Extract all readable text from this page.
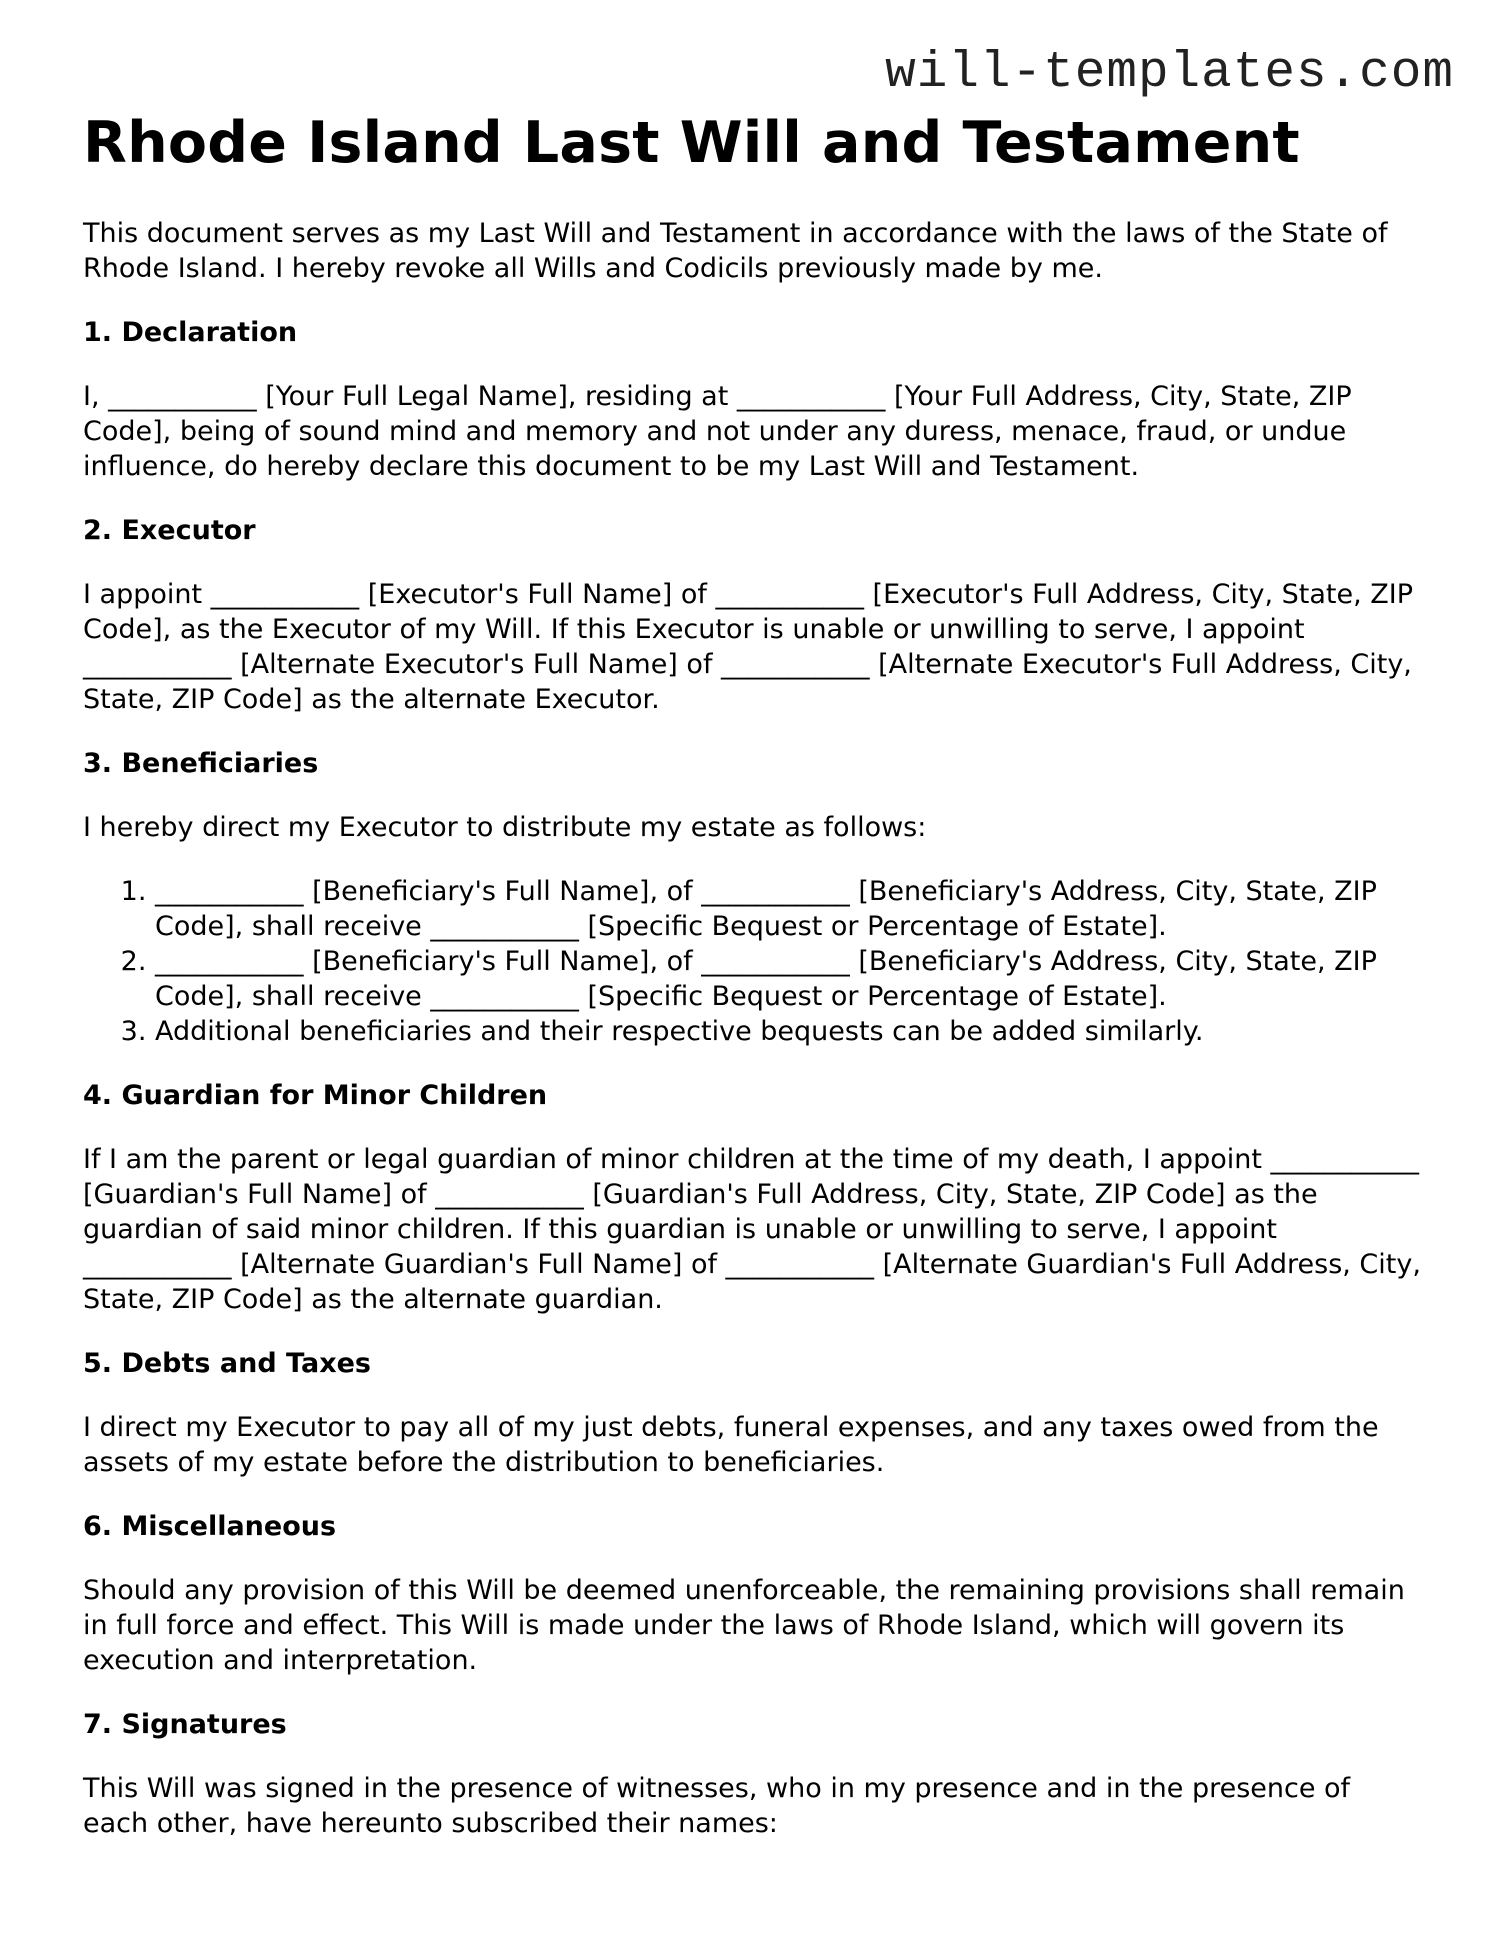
will-templates.com
Rhode Island Last Will and Testament

This document serves as my Last Will and Testament in accordance with the laws of the State of Rhode Island. I hereby revoke all Wills and Codicils previously made by me.

1. Declaration

I, ___________ [Your Full Legal Name], residing at ___________ [Your Full Address, City, State, ZIP Code], being of sound mind and memory and not under any duress, menace, fraud, or undue influence, do hereby declare this document to be my Last Will and Testament.

2. Executor

I appoint ___________ [Executor's Full Name] of ___________ [Executor's Full Address, City, State, ZIP Code], as the Executor of my Will. If this Executor is unable or unwilling to serve, I appoint ___________ [Alternate Executor's Full Name] of ___________ [Alternate Executor's Full Address, City, State, ZIP Code] as the alternate Executor.

3. Beneficiaries

I hereby direct my Executor to distribute my estate as follows:

1. ___________ [Beneficiary's Full Name], of ___________ [Beneficiary's Address, City, State, ZIP Code], shall receive ___________ [Specific Bequest or Percentage of Estate].
2. ___________ [Beneficiary's Full Name], of ___________ [Beneficiary's Address, City, State, ZIP Code], shall receive ___________ [Specific Bequest or Percentage of Estate].
3. Additional beneficiaries and their respective bequests can be added similarly.
4. Guardian for Minor Children

If I am the parent or legal guardian of minor children at the time of my death, I appoint ___________ [Guardian's Full Name] of ___________ [Guardian's Full Address, City, State, ZIP Code] as the guardian of said minor children. If this guardian is unable or unwilling to serve, I appoint ___________ [Alternate Guardian's Full Name] of ___________ [Alternate Guardian's Full Address, City, State, ZIP Code] as the alternate guardian.

5. Debts and Taxes

I direct my Executor to pay all of my just debts, funeral expenses, and any taxes owed from the assets of my estate before the distribution to beneficiaries.

6. Miscellaneous

Should any provision of this Will be deemed unenforceable, the remaining provisions shall remain in full force and effect. This Will is made under the laws of Rhode Island, which will govern its execution and interpretation.

7. Signatures

This Will was signed in the presence of witnesses, who in my presence and in the presence of each other, have hereunto subscribed their names:
